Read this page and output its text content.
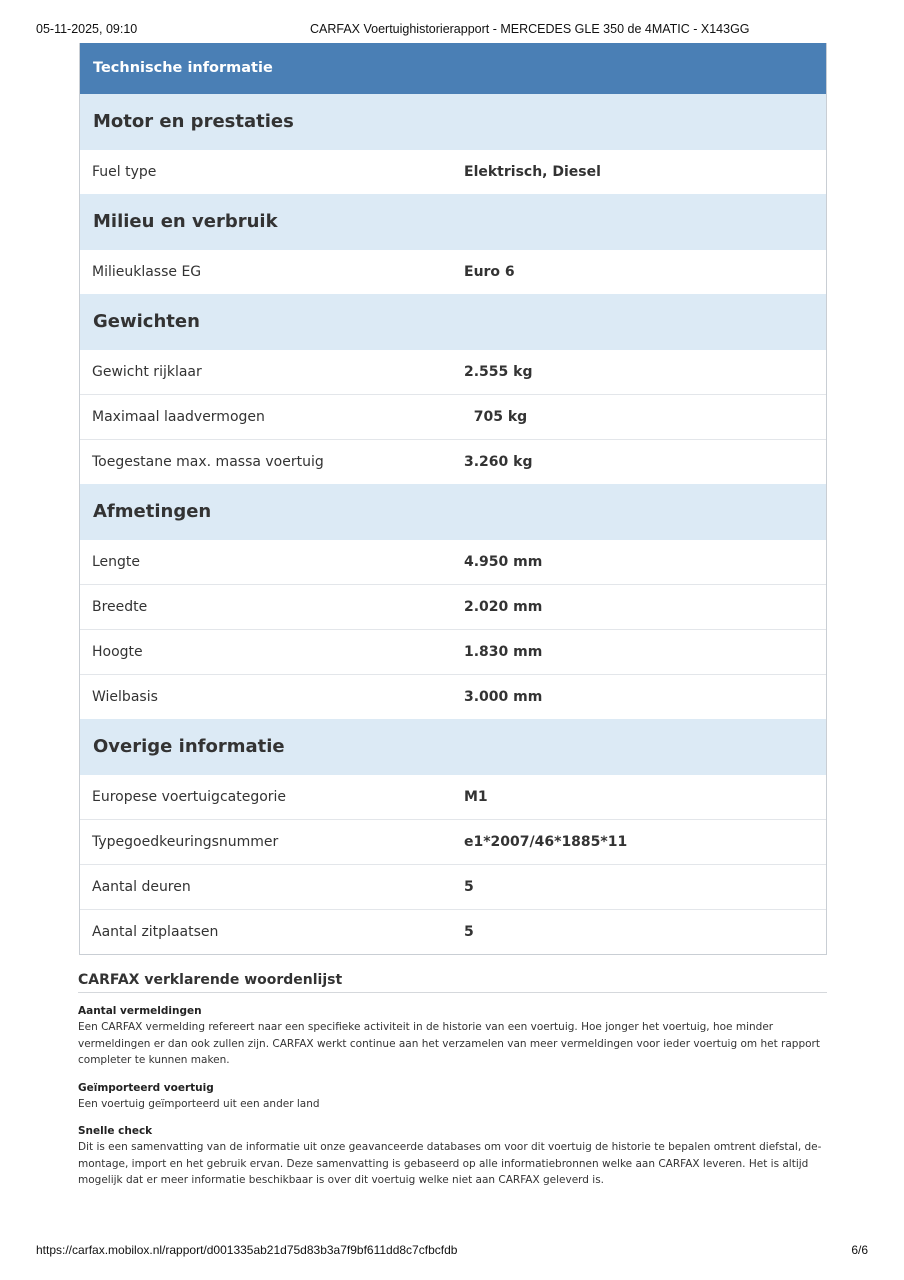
05-11-2025, 09:10	CARFAX Voertuighistorierapport - MERCEDES GLE 350 de 4MATIC - X143GG
Technische informatie
Motor en prestaties
Fuel type	Elektrisch, Diesel
Milieu en verbruik
Milieuklasse EG	Euro 6
Gewichten
Gewicht rijklaar	2.555 kg
Maximaal laadvermogen	705 kg
Toegestane max. massa voertuig	3.260 kg
Afmetingen
Lengte	4.950 mm
Breedte	2.020 mm
Hoogte	1.830 mm
Wielbasis	3.000 mm
Overige informatie
Europese voertuigcategorie	M1
Typegoedkeuringsnummer	e1*2007/46*1885*11
Aantal deuren	5
Aantal zitplaatsen	5
CARFAX verklarende woordenlijst
Aantal vermeldingen
Een CARFAX vermelding refereert naar een specifieke activiteit in de historie van een voertuig. Hoe jonger het voertuig, hoe minder vermeldingen er dan ook zullen zijn. CARFAX werkt continue aan het verzamelen van meer vermeldingen voor ieder voertuig om het rapport completer te kunnen maken.
Geïmporteerd voertuig
Een voertuig geïmporteerd uit een ander land
Snelle check
Dit is een samenvatting van de informatie uit onze geavanceerde databases om voor dit voertuig de historie te bepalen omtrent diefstal, de-montage, import en het gebruik ervan. Deze samenvatting is gebaseerd op alle informatiebronnen welke aan CARFAX leveren. Het is altijd mogelijk dat er meer informatie beschikbaar is over dit voertuig welke niet aan CARFAX geleverd is.
https://carfax.mobilox.nl/rapport/d001335ab21d75d83b3a7f9bf611dd8c7cfbcfdb	6/6
